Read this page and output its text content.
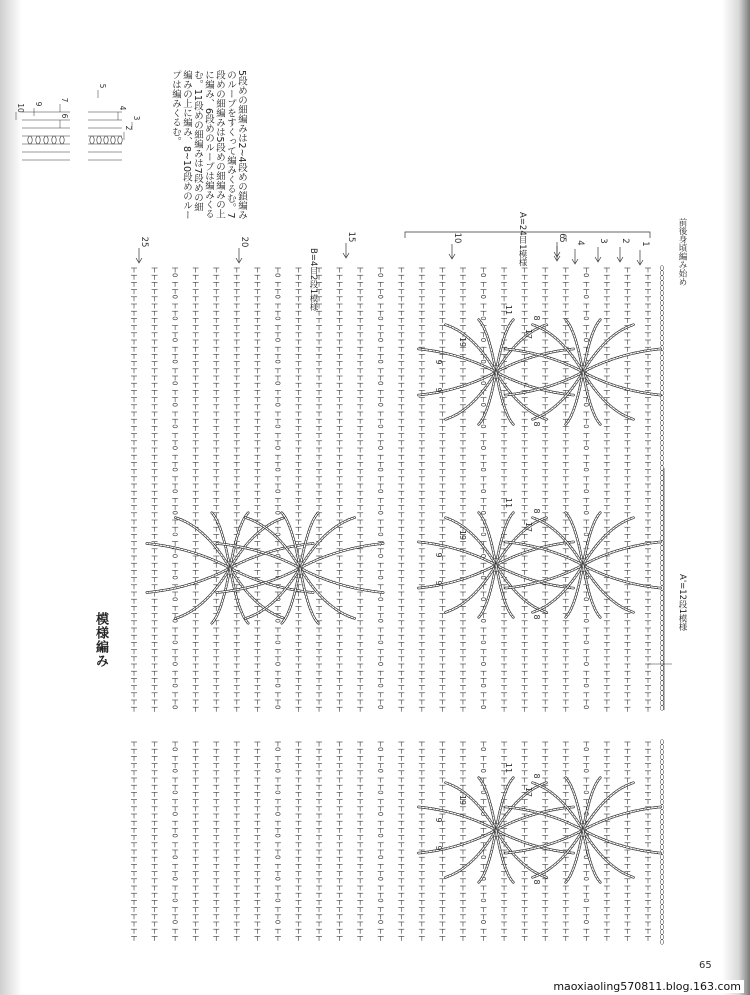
8
9
11
17
19
8
9
8
9
11
17
19
8
9
8
9
11
17
19
8
9
10 9
7
6
5
4
3
2
1
2
3
4
5
6
10
15
20
25
5段めの細編みは2~4段めの鎖編みのループをすくって編みくるむ。7段めの細編みは5段めの細編みの上に編み、6段めのループは編みくるむ。11段めの細編みは7段めの細編みの上に編み、8~10段めのループは編みくるむ。
模様編み
A=24目1模様
B=4目2段1模様	前後身頃編み始め
A'=12段1模様
65
maoxiaoling570811.blog.163.com
